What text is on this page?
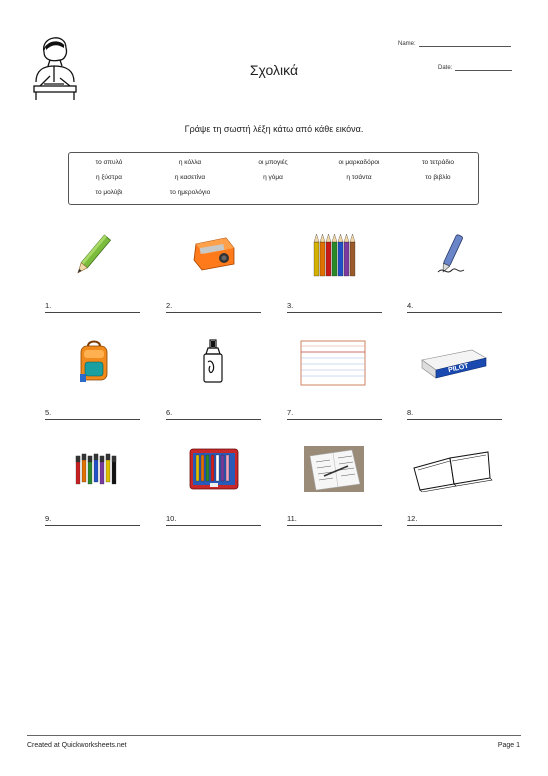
Σχολικά
Name:
Date:
Γράψε τη σωστή λέξη κάτω από κάθε εικόνα.
το σπυλό	η κόλλα	οι μπογιές	οι μαρκαδόροι	το τετράδιο
η ξύστρα	η κασετίνα	η γόμα	η τσάντα	το βιβλίο
το μολύβι	το ημερολόγιο
1.	2.	3.	4.
PILOT
5.	6.	7.	8.
9.	10.	11.	12.
Created at Quickworksheets.net	Page 1
